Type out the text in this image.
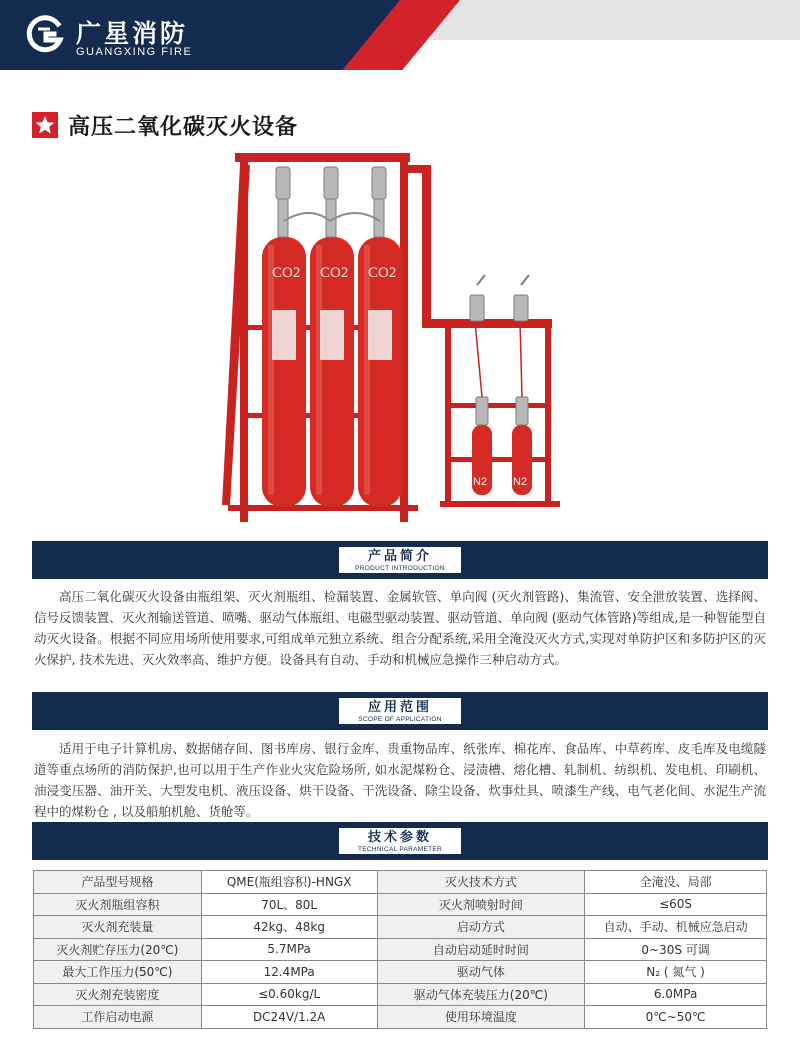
广星消防
GUANGXING FIRE
高压二氧化碳灭火设备
CO2 CO2 CO2
N2 N2
产品简介
PRODUCT INTRODUCTION
高压二氧化碳灭火设备由瓶组架、灭火剂瓶组、检漏装置、金属软管、单向阀 (灭火剂管路)、集流管、安全泄放装置、选择阀、信号反馈装置、灭火剂输送管道、喷嘴、驱动气体瓶组、电磁型驱动装置、驱动管道、单向阀 (驱动气体管路)等组成,是一种智能型自动灭火设备。根据不同应用场所使用要求,可组成单元独立系统、组合分配系统,采用全淹没灭火方式,实现对单防护区和多防护区的灭火保护, 技术先进、灭火效率高、维护方便。设备具有自动、手动和机械应急操作三种启动方式。
应用范围
SCOPE OF APPLICATION
适用于电子计算机房、数据储存间、图书库房、银行金库、贵重物品库、纸张库、棉花库、食品库、中草药库、皮毛库及电缆隧道等重点场所的消防保护,也可以用于生产作业火灾危险场所, 如水泥煤粉仓、浸渍槽、熔化槽、轧制机、纺织机、发电机、印刷机、油浸变压器、油开关、大型发电机、液压设备、烘干设备、干洗设备、除尘设备、炊事灶具、喷漆生产线、电气老化间、水泥生产流程中的煤粉仓 , 以及船舶机舱、货舱等。
技术参数
TECHNICAL PARAMETER
产品型号规格	QME(瓶组容积)-HNGX	灭火技术方式	全淹没、局部
灭火剂瓶组容积	70L、80L	灭火剂喷射时间	≤60S
灭火剂充装量	42kg、48kg	启动方式	自动、手动、机械应急启动
灭火剂贮存压力(20℃)	5.7MPa	自动启动延时时间	0~30S 可调
最大工作压力(50℃)	12.4MPa	驱动气体	N₂ ( 氮气 )
灭火剂充装密度	≤0.60kg/L	驱动气体充装压力(20℃)	6.0MPa
工作启动电源	DC24V/1.2A	使用环境温度	0℃~50℃
